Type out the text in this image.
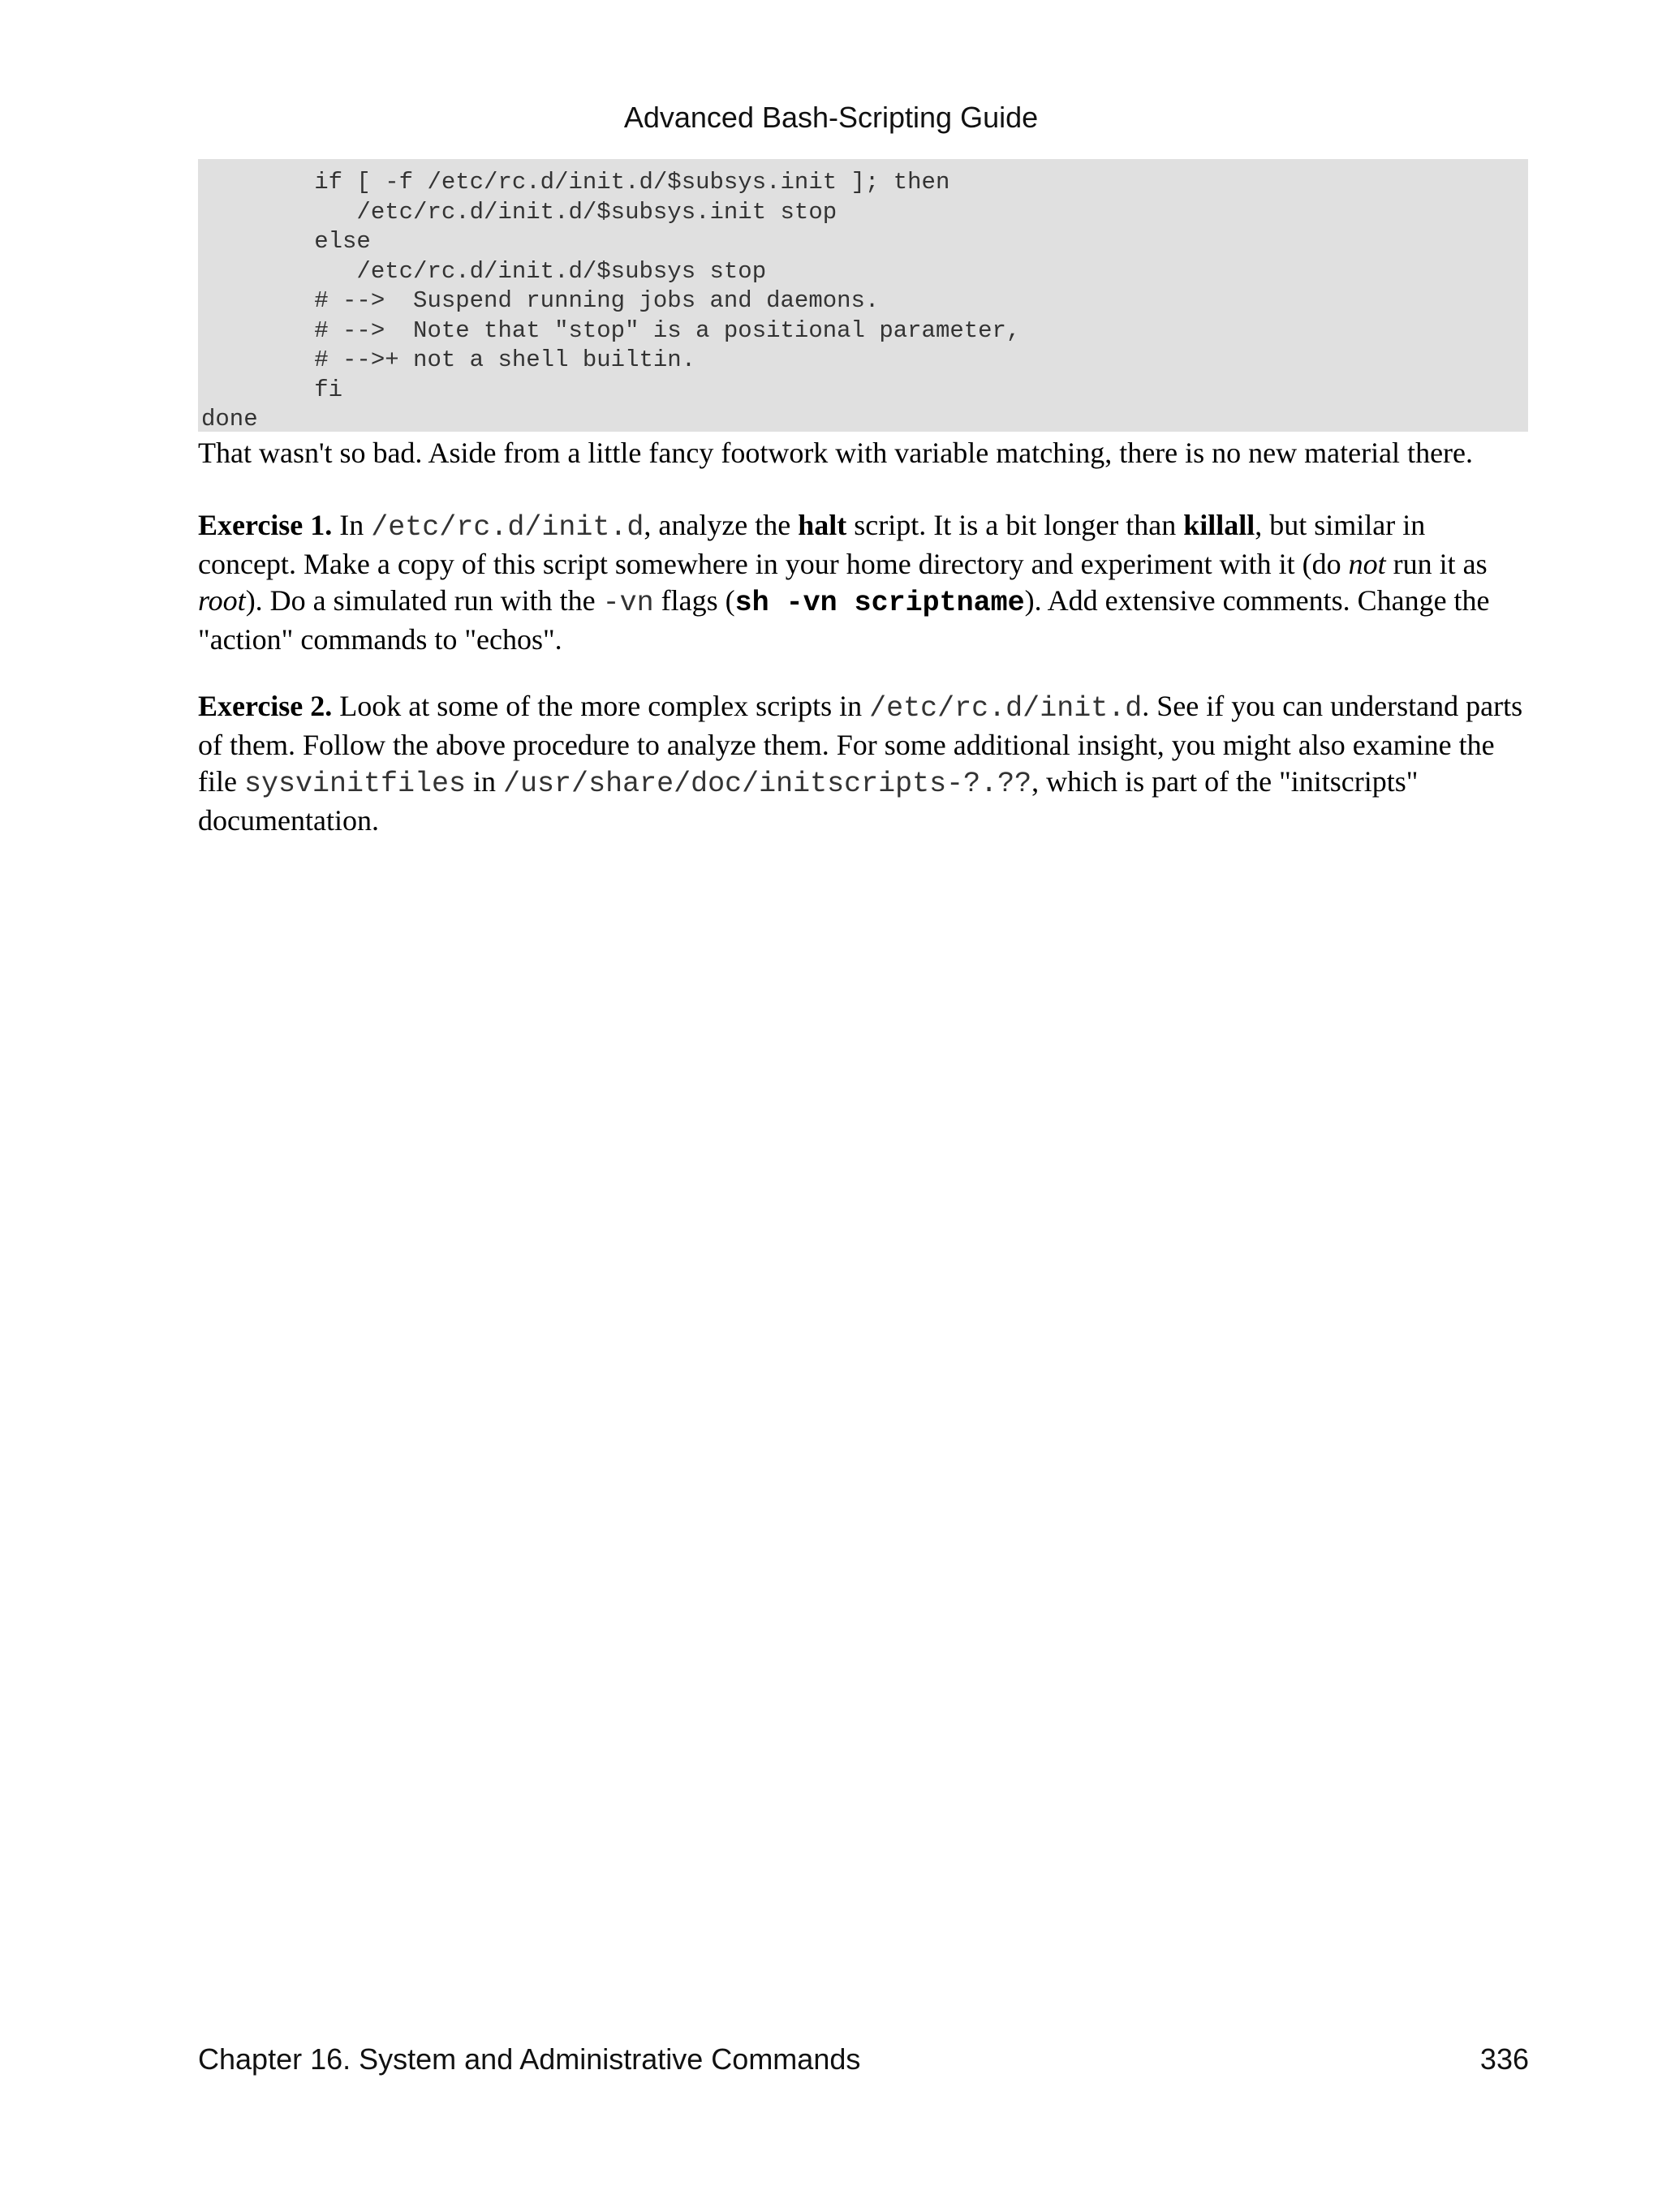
Advanced Bash-Scripting Guide
if [ -f /etc/rc.d/init.d/$subsys.init ]; then
/etc/rc.d/init.d/$subsys.init stop
else
/etc/rc.d/init.d/$subsys stop
# -->  Suspend running jobs and daemons.
# -->  Note that "stop" is a positional parameter,
# -->+ not a shell builtin.
fi
done

That wasn't so bad. Aside from a little fancy footwork with variable matching, there is no new material there.

Exercise 1. In /etc/rc.d/init.d, analyze the halt script. It is a bit longer than killall, but similar in concept. Make a copy of this script somewhere in your home directory and experiment with it (do not run it as root). Do a simulated run with the -vn flags (sh -vn scriptname). Add extensive comments. Change the "action" commands to "echos".

Exercise 2. Look at some of the more complex scripts in /etc/rc.d/init.d. See if you can understand parts of them. Follow the above procedure to analyze them. For some additional insight, you might also examine the file sysvinitfiles in /usr/share/doc/initscripts-?.??, which is part of the "initscripts" documentation.

Chapter 16. System and Administrative Commands	336
